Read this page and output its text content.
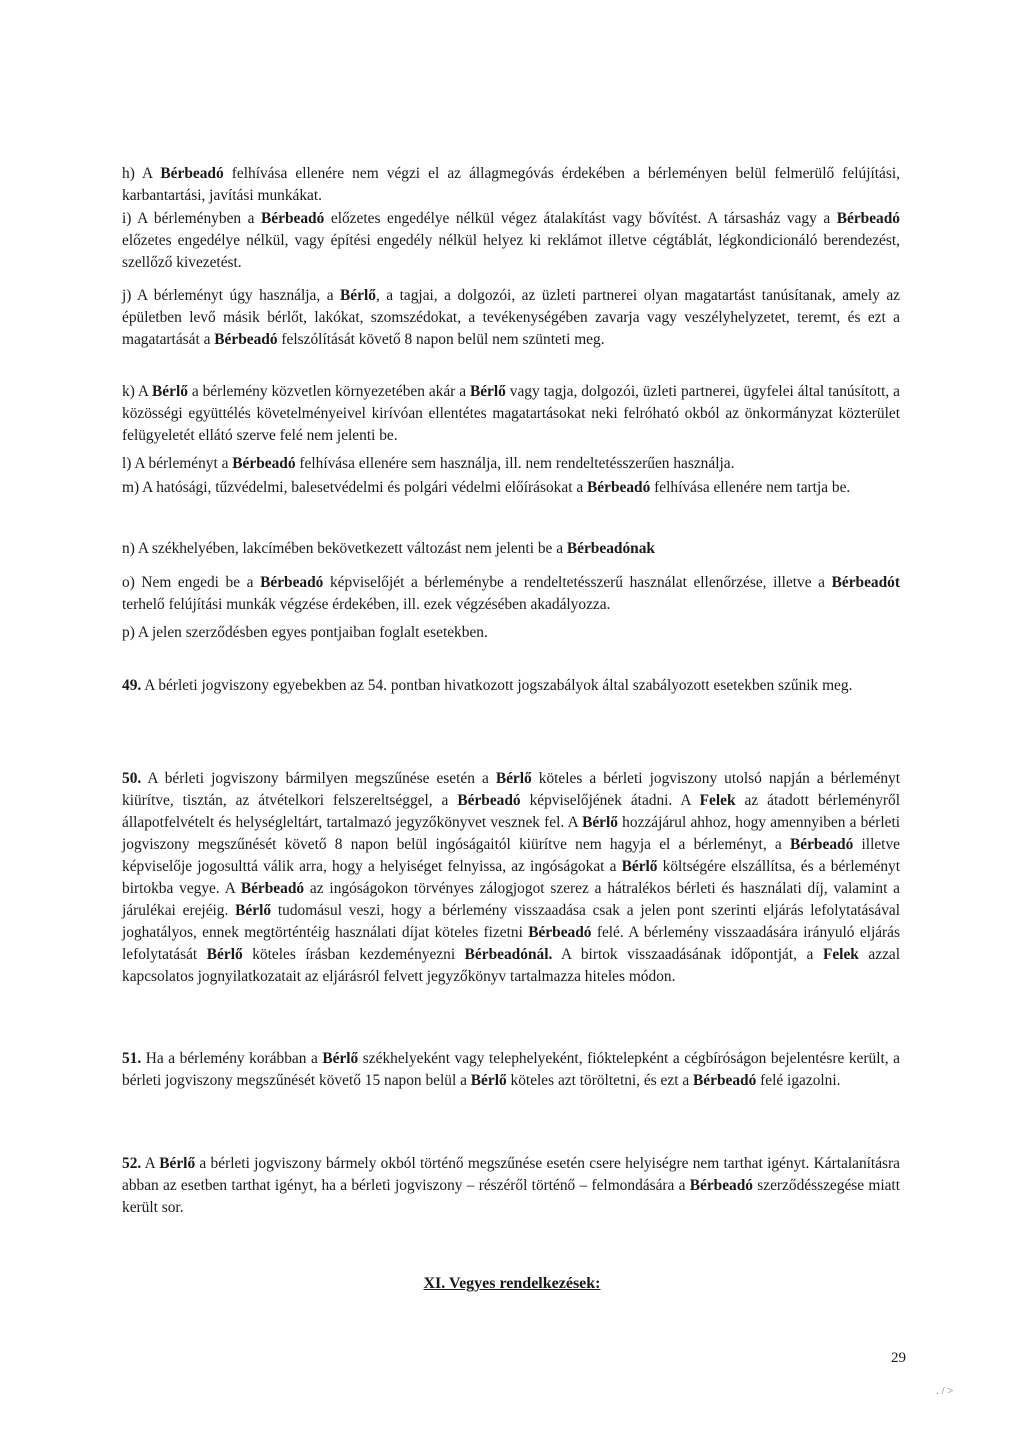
h) A Bérbeadó felhívása ellenére nem végzi el az állagmegóvás érdekében a bérleményen belül felmerülő felújítási, karbantartási, javítási munkákat.

i) A bérleményben a Bérbeadó előzetes engedélye nélkül végez átalakítást vagy bővítést. A társasház vagy a Bérbeadó előzetes engedélye nélkül, vagy építési engedély nélkül helyez ki reklámot illetve cégtáblát, légkondicionáló berendezést, szellőző kivezetést.

j) A bérleményt úgy használja, a Bérlő, a tagjai, a dolgozói, az üzleti partnerei olyan magatartást tanúsítanak, amely az épületben levő másik bérlőt, lakókat, szomszédokat, a tevékenységében zavarja vagy veszélyhelyzetet, teremt, és ezt a magatartását a Bérbeadó felszólítását követő 8 napon belül nem szünteti meg.

k) A Bérlő a bérlemény közvetlen környezetében akár a Bérlő vagy tagja, dolgozói, üzleti partnerei, ügyfelei által tanúsított, a közösségi együttélés követelményeivel kirívóan ellentétes magatartásokat neki felróható okból az önkormányzat közterület felügyeletét ellátó szerve felé nem jelenti be.

l) A bérleményt a Bérbeadó felhívása ellenére sem használja, ill. nem rendeltetésszerűen használja.

m) A hatósági, tűzvédelmi, balesetvédelmi és polgári védelmi előírásokat a Bérbeadó felhívása ellenére nem tartja be.

n) A székhelyében, lakcímében bekövetkezett változást nem jelenti be a Bérbeadónak

o) Nem engedi be a Bérbeadó képviselőjét a bérleménybe a rendeltetésszerű használat ellenőrzése, illetve a Bérbeadót terhelő felújítási munkák végzése érdekében, ill. ezek végzésében akadályozza.

p) A jelen szerződésben egyes pontjaiban foglalt esetekben.

49. A bérleti jogviszony egyebekben az 54. pontban hivatkozott jogszabályok által szabályozott esetekben szűnik meg.

50. A bérleti jogviszony bármilyen megszűnése esetén a Bérlő köteles a bérleti jogviszony utolsó napján a bérleményt kiürítve, tisztán, az átvételkori felszereltséggel, a Bérbeadó képviselőjének átadni. A Felek az átadott bérleményről állapotfelvételt és helységleltárt, tartalmazó jegyzőkönyvet vesznek fel. A Bérlő hozzájárul ahhoz, hogy amennyiben a bérleti jogviszony megszűnését követő 8 napon belül ingóságaitól kiürítve nem hagyja el a bérleményt, a Bérbeadó illetve képviselője jogosulttá válik arra, hogy a helyiséget felnyissa, az ingóságokat a Bérlő költségére elszállítsa, és a bérleményt birtokba vegye. A Bérbeadó az ingóságokon törvényes zálogjogot szerez a hátralékos bérleti és használati díj, valamint a járulékai erejéig. Bérlő tudomásul veszi, hogy a bérlemény visszaadása csak a jelen pont szerinti eljárás lefolytatásával joghatályos, ennek megtörténtéig használati díjat köteles fizetni Bérbeadó felé. A bérlemény visszaadására irányuló eljárás lefolytatását Bérlő köteles írásban kezdeményezni Bérbeadónál. A birtok visszaadásának időpontját, a Felek azzal kapcsolatos jognyilatkozatait az eljárásról felvett jegyzőkönyv tartalmazza hiteles módon.

51. Ha a bérlemény korábban a Bérlő székhelyeként vagy telephelyeként, fióktelepként a cégbíróságon bejelentésre került, a bérleti jogviszony megszűnését követő 15 napon belül a Bérlő köteles azt töröltetni, és ezt a Bérbeadó felé igazolni.

52. A Bérlő a bérleti jogviszony bármely okból történő megszűnése esetén csere helyiségre nem tarthat igényt. Kártalanításra abban az esetben tarthat igényt, ha a bérleti jogviszony – részéről történő – felmondására a Bérbeadó szerződésszegése miatt került sor.

XI. Vegyes rendelkezések:

29

. / >
